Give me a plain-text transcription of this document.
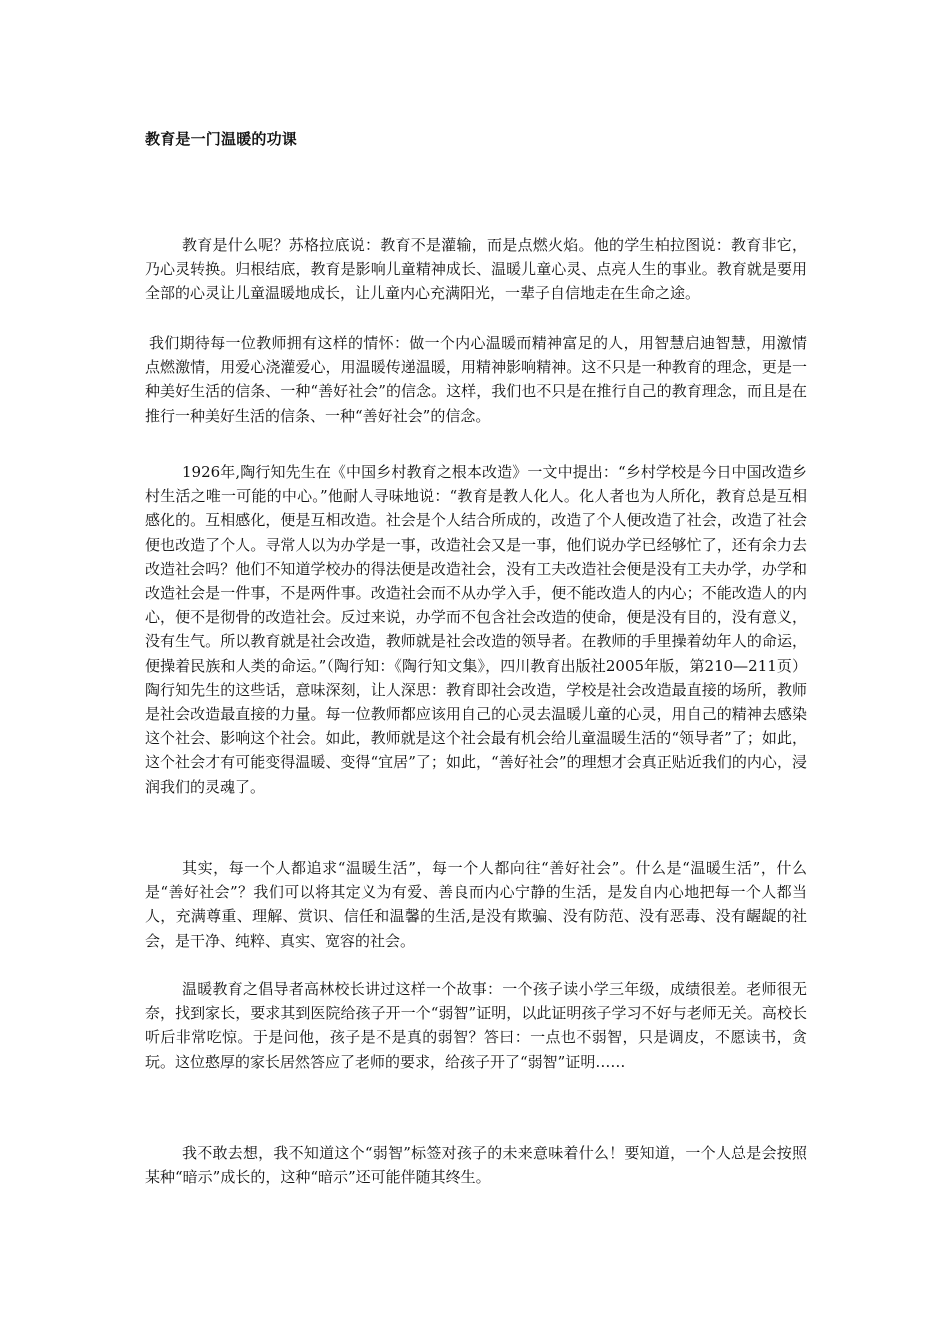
教育是一门温暖的功课

教育是什么呢？苏格拉底说：教育不是灌输，而是点燃火焰。他的学生柏拉图说：教育非它，乃心灵转换。归根结底，教育是影响儿童精神成长、温暖儿童心灵、点亮人生的事业。教育就是要用全部的心灵让儿童温暖地成长，让儿童内心充满阳光，一辈子自信地走在生命之途。

我们期待每一位教师拥有这样的情怀：做一个内心温暖而精神富足的人，用智慧启迪智慧，用激情点燃激情，用爱心浇灌爱心，用温暖传递温暖，用精神影响精神。这不只是一种教育的理念，更是一种美好生活的信条、一种“善好社会”的信念。这样，我们也不只是在推行自己的教育理念，而且是在推行一种美好生活的信条、一种“善好社会”的信念。

1926年,陶行知先生在《中国乡村教育之根本改造》一文中提出：“乡村学校是今日中国改造乡村生活之唯一可能的中心。”他耐人寻味地说：“教育是教人化人。化人者也为人所化，教育总是互相感化的。互相感化，便是互相改造。社会是个人结合所成的，改造了个人便改造了社会，改造了社会便也改造了个人。寻常人以为办学是一事，改造社会又是一事，他们说办学已经够忙了，还有余力去改造社会吗？他们不知道学校办的得法便是改造社会，没有工夫改造社会便是没有工夫办学，办学和改造社会是一件事，不是两件事。改造社会而不从办学入手，便不能改造人的内心；不能改造人的内心，便不是彻骨的改造社会。反过来说，办学而不包含社会改造的使命，便是没有目的，没有意义，没有生气。所以教育就是社会改造，教师就是社会改造的领导者。在教师的手里操着幼年人的命运，便操着民族和人类的命运。”（陶行知：《陶行知文集》，四川教育出版社2005年版，第210—211页）陶行知先生的这些话，意味深刻，让人深思：教育即社会改造，学校是社会改造最直接的场所，教师是社会改造最直接的力量。每一位教师都应该用自己的心灵去温暖儿童的心灵，用自己的精神去感染这个社会、影响这个社会。如此，教师就是这个社会最有机会给儿童温暖生活的“领导者”了；如此，这个社会才有可能变得温暖、变得“宜居”了；如此，“善好社会”的理想才会真正贴近我们的内心，浸润我们的灵魂了。

其实，每一个人都追求“温暖生活”，每一个人都向往“善好社会”。什么是“温暖生活”，什么是“善好社会”？我们可以将其定义为有爱、善良而内心宁静的生活，是发自内心地把每一个人都当人，充满尊重、理解、赏识、信任和温馨的生活,是没有欺骗、没有防范、没有恶毒、没有龌龊的社会，是干净、纯粹、真实、宽容的社会。

温暖教育之倡导者高林校长讲过这样一个故事：一个孩子读小学三年级，成绩很差。老师很无奈，找到家长，要求其到医院给孩子开一个“弱智”证明，以此证明孩子学习不好与老师无关。高校长听后非常吃惊。于是问他，孩子是不是真的弱智？答曰：一点也不弱智，只是调皮，不愿读书，贪玩。这位憨厚的家长居然答应了老师的要求，给孩子开了“弱智”证明……

我不敢去想，我不知道这个“弱智”标签对孩子的未来意味着什么！要知道，一个人总是会按照某种“暗示”成长的，这种“暗示”还可能伴随其终生。
